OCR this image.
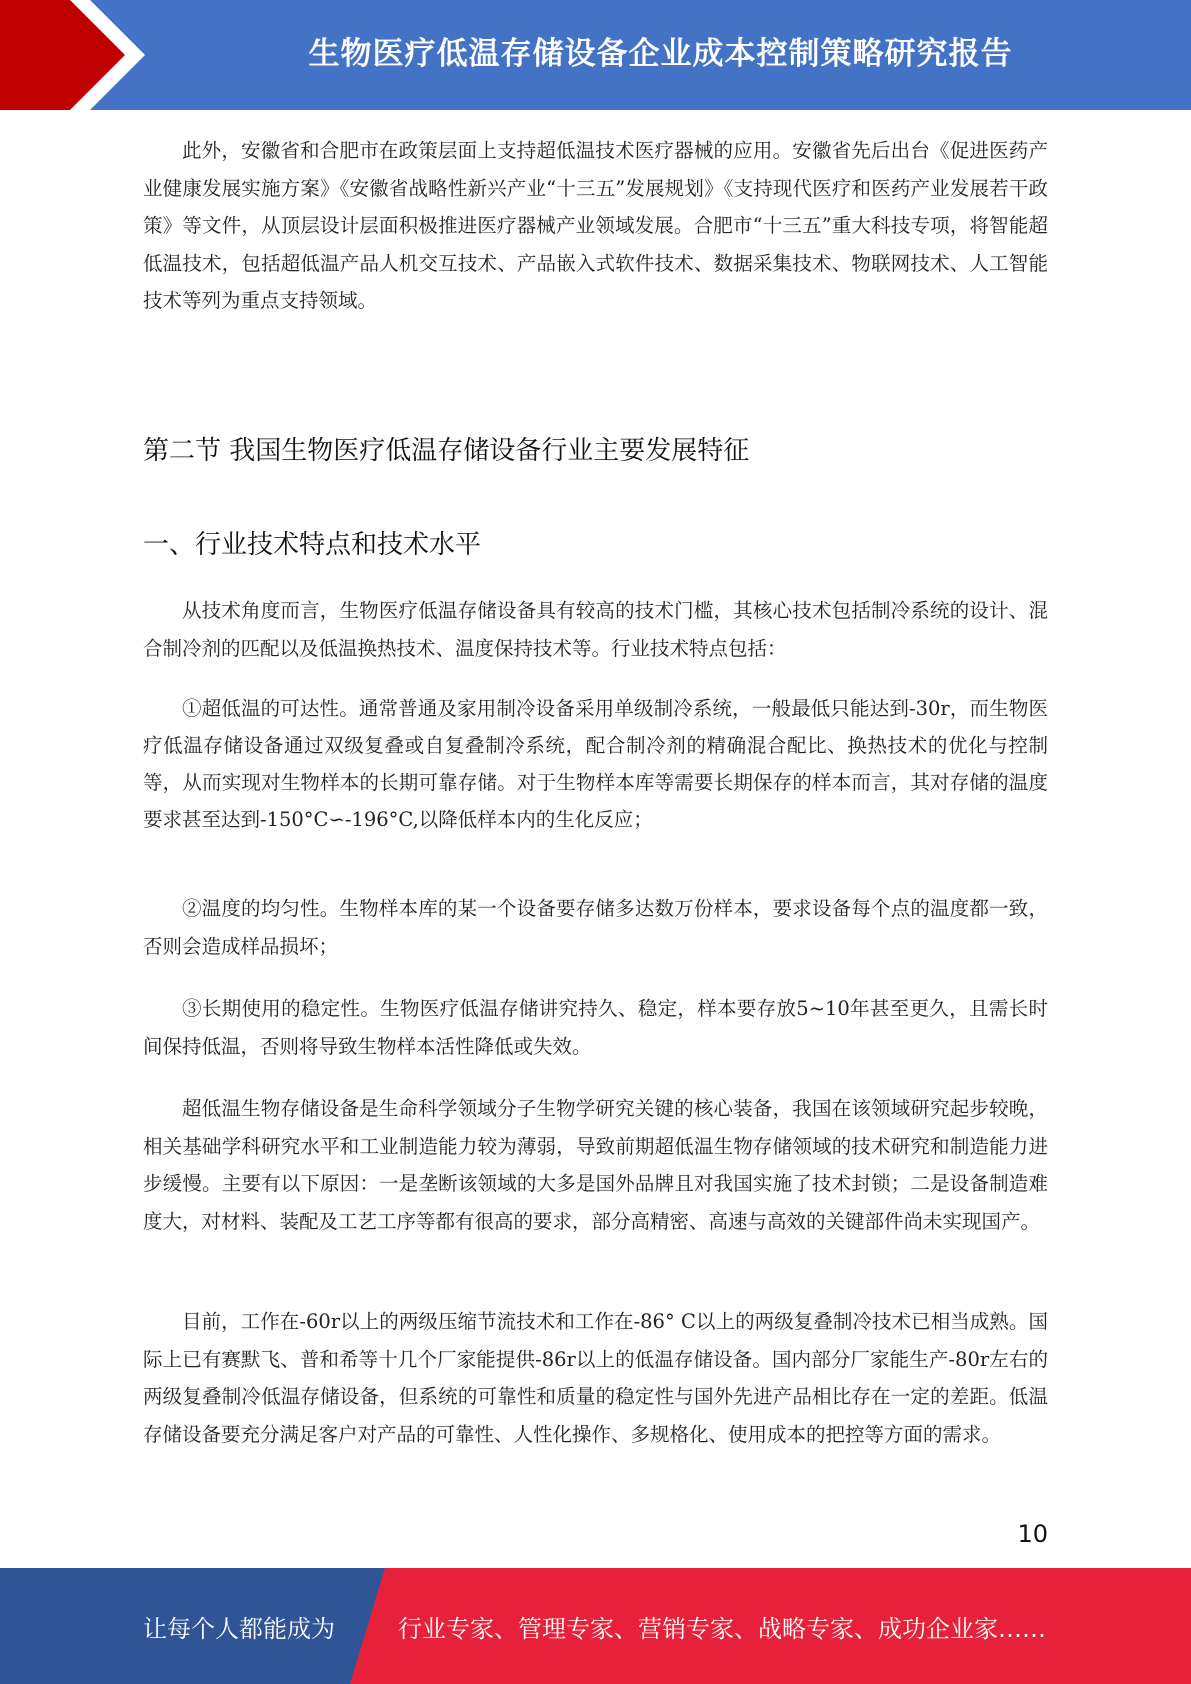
生物医疗低温存储设备企业成本控制策略研究报告

此外，安徽省和合肥市在政策层面上支持超低温技术医疗器械的应用。安徽省先后出台《促进医药产业健康发展实施方案》《安徽省战略性新兴产业“十三五”发展规划》《支持现代医疗和医药产业发展若干政策》等文件，从顶层设计层面积极推进医疗器械产业领域发展。合肥市“十三五”重大科技专项，将智能超低温技术，包括超低温产品人机交互技术、产品嵌入式软件技术、数据采集技术、物联网技术、人工智能技术等列为重点支持领域。

第二节 我国生物医疗低温存储设备行业主要发展特征
一、行业技术特点和技术水平

从技术角度而言，生物医疗低温存储设备具有较高的技术门槛，其核心技术包括制冷系统的设计、混合制冷剂的匹配以及低温换热技术、温度保持技术等。行业技术特点包括：

①超低温的可达性。通常普通及家用制冷设备采用单级制冷系统，一般最低只能达到-30r，而生物医疗低温存储设备通过双级复叠或自复叠制冷系统，配合制冷剂的精确混合配比、换热技术的优化与控制等，从而实现对生物样本的长期可靠存储。对于生物样本库等需要长期保存的样本而言，其对存储的温度要求甚至达到-150°C∽-196°C,以降低样本内的生化反应；

②温度的均匀性。生物样本库的某一个设备要存储多达数万份样本，要求设备每个点的温度都一致，否则会造成样品损坏；

③长期使用的稳定性。生物医疗低温存储讲究持久、稳定，样本要存放5~10年甚至更久，且需长时间保持低温，否则将导致生物样本活性降低或失效。

超低温生物存储设备是生命科学领域分子生物学研究关键的核心装备，我国在该领域研究起步较晚，相关基础学科研究水平和工业制造能力较为薄弱，导致前期超低温生物存储领域的技术研究和制造能力进步缓慢。主要有以下原因：一是垄断该领域的大多是国外品牌且对我国实施了技术封锁；二是设备制造难度大，对材料、装配及工艺工序等都有很高的要求，部分高精密、高速与高效的关键部件尚未实现国产。

目前，工作在-60r以上的两级压缩节流技术和工作在-86° C以上的两级复叠制冷技术已相当成熟。国际上已有赛默飞、普和希等十几个厂家能提供-86r以上的低温存储设备。国内部分厂家能生产-80r左右的两级复叠制冷低温存储设备，但系统的可靠性和质量的稳定性与国外先进产品相比存在一定的差距。低温存储设备要充分满足客户对产品的可靠性、人性化操作、多规格化、使用成本的把控等方面的需求。

10
让每个人都能成为	行业专家、管理专家、营销专家、战略专家、成功企业家……
